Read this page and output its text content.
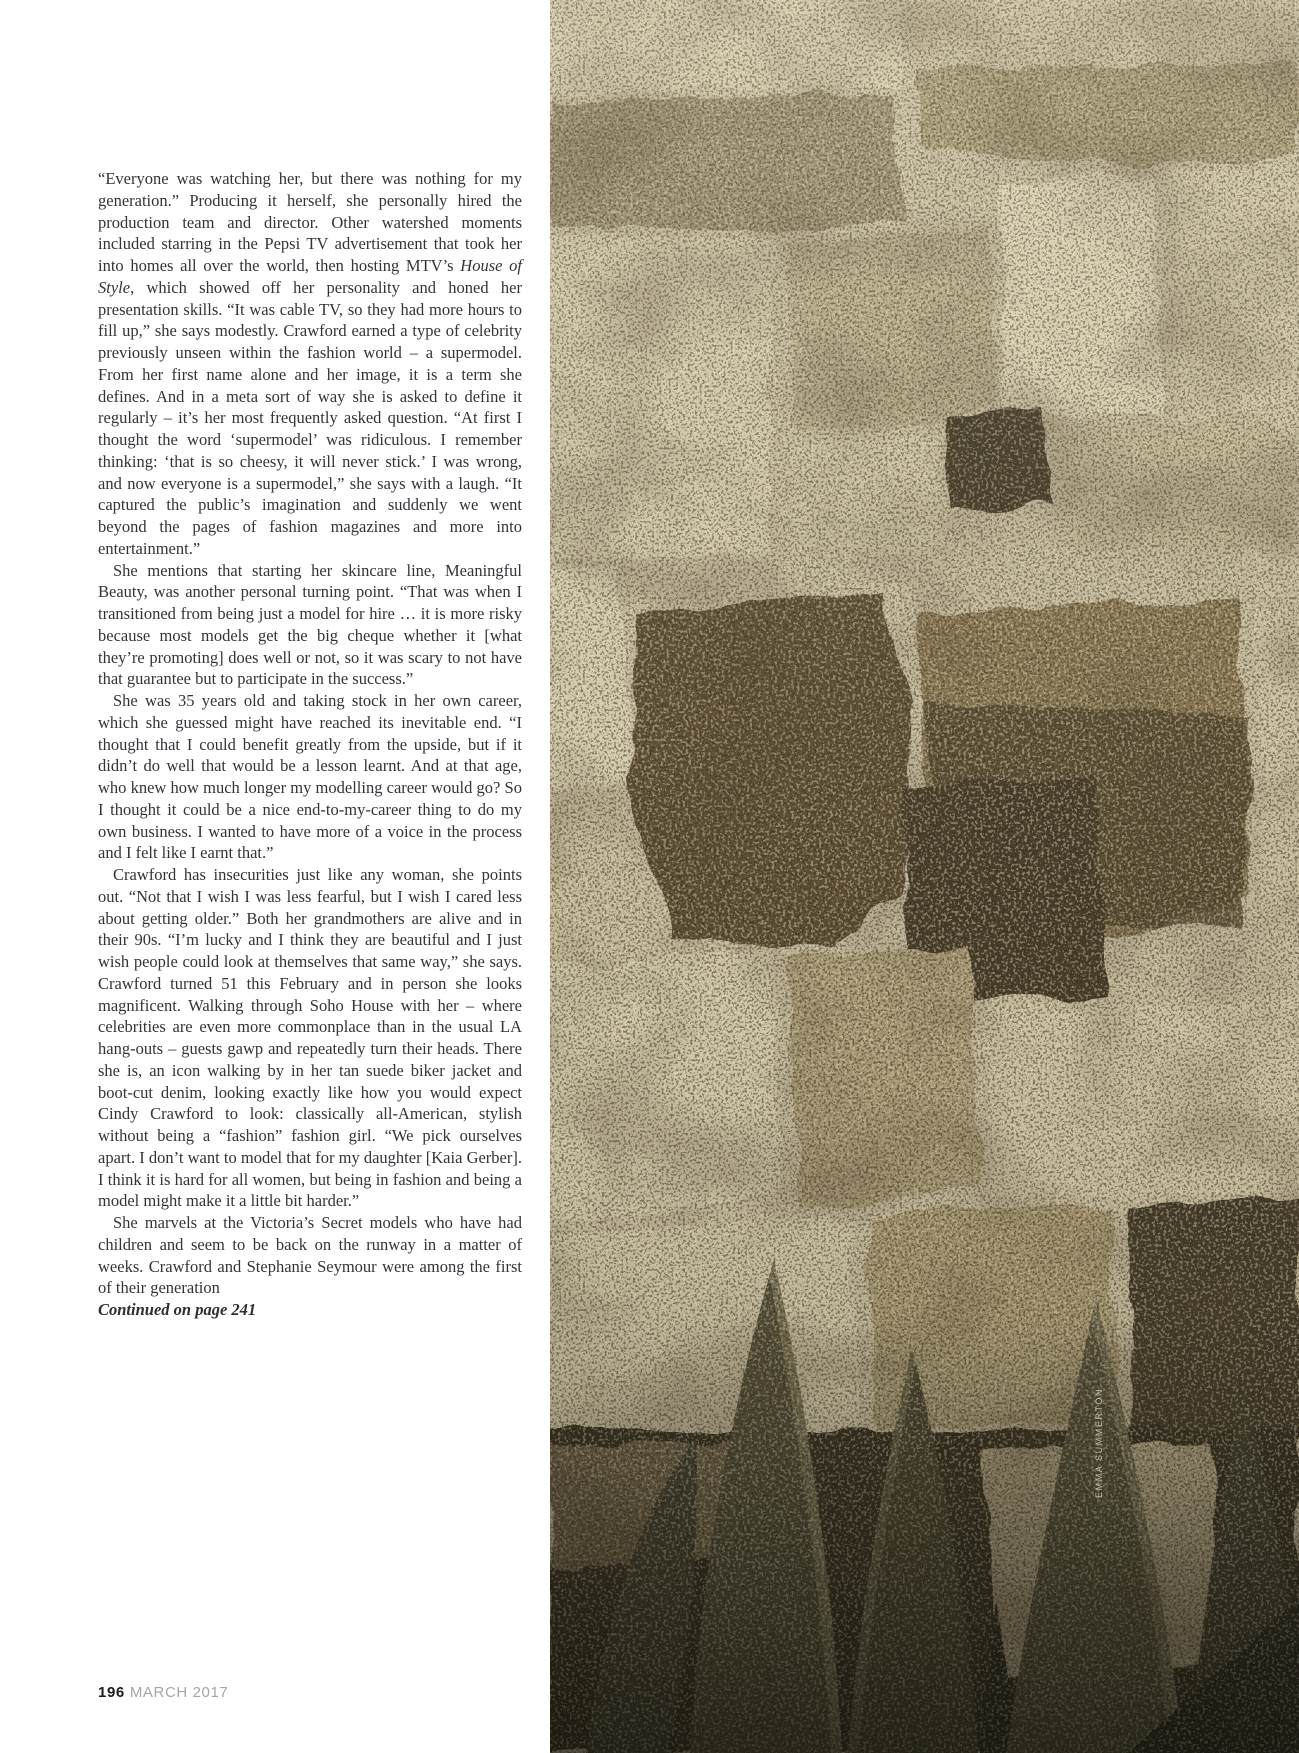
“Everyone was watching her, but there was nothing for my generation.” Producing it herself, she personally hired the production team and director. Other watershed moments included starring in the Pepsi TV advertisement that took her into homes all over the world, then hosting MTV’s House of Style, which showed off her personality and honed her presentation skills. “It was cable TV, so they had more hours to fill up,” she says modestly. Crawford earned a type of celebrity previously unseen within the fashion world – a supermodel. From her first name alone and her image, it is a term she defines. And in a meta sort of way she is asked to define it regularly – it’s her most frequently asked question. “At first I thought the word ‘supermodel’ was ridiculous. I remember thinking: ‘that is so cheesy, it will never stick.’ I was wrong, and now everyone is a supermodel,” she says with a laugh. “It captured the public’s imagination and suddenly we went beyond the pages of fashion magazines and more into entertainment.”

She mentions that starting her skincare line, Meaningful Beauty, was another personal turning point. “That was when I transitioned from being just a model for hire … it is more risky because most models get the big cheque whether it [what they’re promoting] does well or not, so it was scary to not have that guarantee but to participate in the success.”

She was 35 years old and taking stock in her own career, which she guessed might have reached its inevitable end. “I thought that I could benefit greatly from the upside, but if it didn’t do well that would be a lesson learnt. And at that age, who knew how much longer my modelling career would go? So I thought it could be a nice end-to-my-career thing to do my own business. I wanted to have more of a voice in the process and I felt like I earnt that.”

Crawford has insecurities just like any woman, she points out. “Not that I wish I was less fearful, but I wish I cared less about getting older.” Both her grandmothers are alive and in their 90s. “I’m lucky and I think they are beautiful and I just wish people could look at themselves that same way,” she says. Crawford turned 51 this February and in person she looks magnificent. Walking through Soho House with her – where celebrities are even more commonplace than in the usual LA hang-outs – guests gawp and repeatedly turn their heads. There she is, an icon walking by in her tan suede biker jacket and boot-cut denim, looking exactly like how you would expect Cindy Crawford to look: classically all-American, stylish without being a “fashion” fashion girl. “We pick ourselves apart. I don’t want to model that for my daughter [Kaia Gerber]. I think it is hard for all women, but being in fashion and being a model might make it a little bit harder.”

She marvels at the Victoria’s Secret models who have had children and seem to be back on the runway in a matter of weeks. Crawford and Stephanie Seymour were among the first of their generation

Continued on page 241

196 MARCH 2017
EMMA SUMMERTON
